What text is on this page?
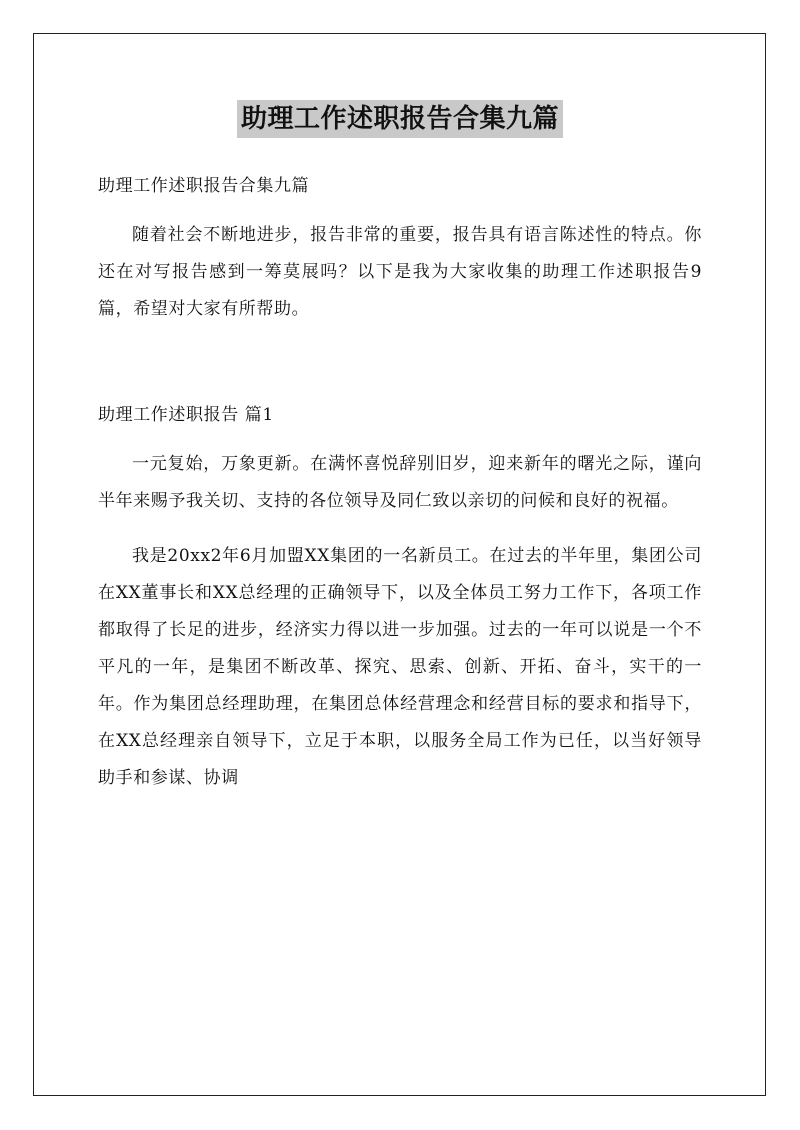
助理工作述职报告合集九篇

助理工作述职报告合集九篇

随着社会不断地进步，报告非常的重要，报告具有语言陈述性的特点。你还在对写报告感到一筹莫展吗？以下是我为大家收集的助理工作述职报告9篇，希望对大家有所帮助。

助理工作述职报告 篇1

一元复始，万象更新。在满怀喜悦辞别旧岁，迎来新年的曙光之际，谨向半年来赐予我关切、支持的各位领导及同仁致以亲切的问候和良好的祝福。

我是20xx2年6月加盟XX集团的一名新员工。在过去的半年里，集团公司在XX董事长和XX总经理的正确领导下，以及全体员工努力工作下，各项工作都取得了长足的进步，经济实力得以进一步加强。过去的一年可以说是一个不平凡的一年，是集团不断改革、探究、思索、创新、开拓、奋斗，实干的一年。作为集团总经理助理，在集团总体经营理念和经营目标的要求和指导下，在XX总经理亲自领导下，立足于本职，以服务全局工作为已任，以当好领导助手和参谋、协调
